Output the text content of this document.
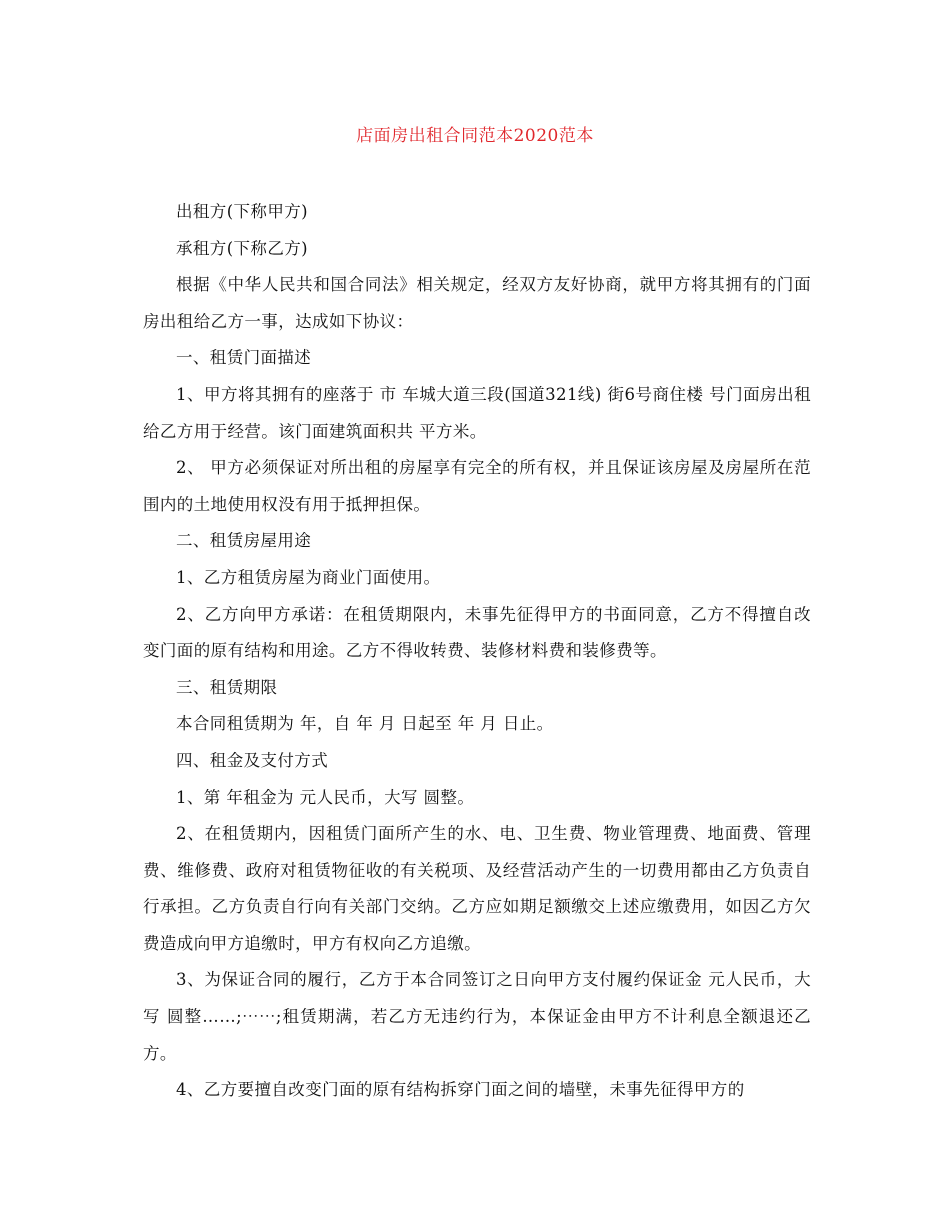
店面房出租合同范本2020范本

出租方(下称甲方)

承租方(下称乙方)

根据《中华人民共和国合同法》相关规定，经双方友好协商，就甲方将其拥有的门面房出租给乙方一事，达成如下协议：

一、租赁门面描述

1、甲方将其拥有的座落于 市 车城大道三段(国道321线) 街6号商住楼 号门面房出租给乙方用于经营。该门面建筑面积共 平方米。

2、 甲方必须保证对所出租的房屋享有完全的所有权，并且保证该房屋及房屋所在范围内的土地使用权没有用于抵押担保。

二、租赁房屋用途

1、乙方租赁房屋为商业门面使用。

2、乙方向甲方承诺：在租赁期限内，未事先征得甲方的书面同意，乙方不得擅自改变门面的原有结构和用途。乙方不得收转费、装修材料费和装修费等。

三、租赁期限

本合同租赁期为 年，自 年 月 日起至 年 月 日止。

四、租金及支付方式

1、第 年租金为 元人民币，大写 圆整。

2、在租赁期内，因租赁门面所产生的水、电、卫生费、物业管理费、地面费、管理费、维修费、政府对租赁物征收的有关税项、及经营活动产生的一切费用都由乙方负责自行承担。乙方负责自行向有关部门交纳。乙方应如期足额缴交上述应缴费用，如因乙方欠费造成向甲方追缴时，甲方有权向乙方追缴。

3、为保证合同的履行，乙方于本合同签订之日向甲方支付履约保证金 元人民币，大写 圆整……;⋯⋯;租赁期满，若乙方无违约行为，本保证金由甲方不计利息全额退还乙方。

4、乙方要擅自改变门面的原有结构拆穿门面之间的墙壁，未事先征得甲方的
